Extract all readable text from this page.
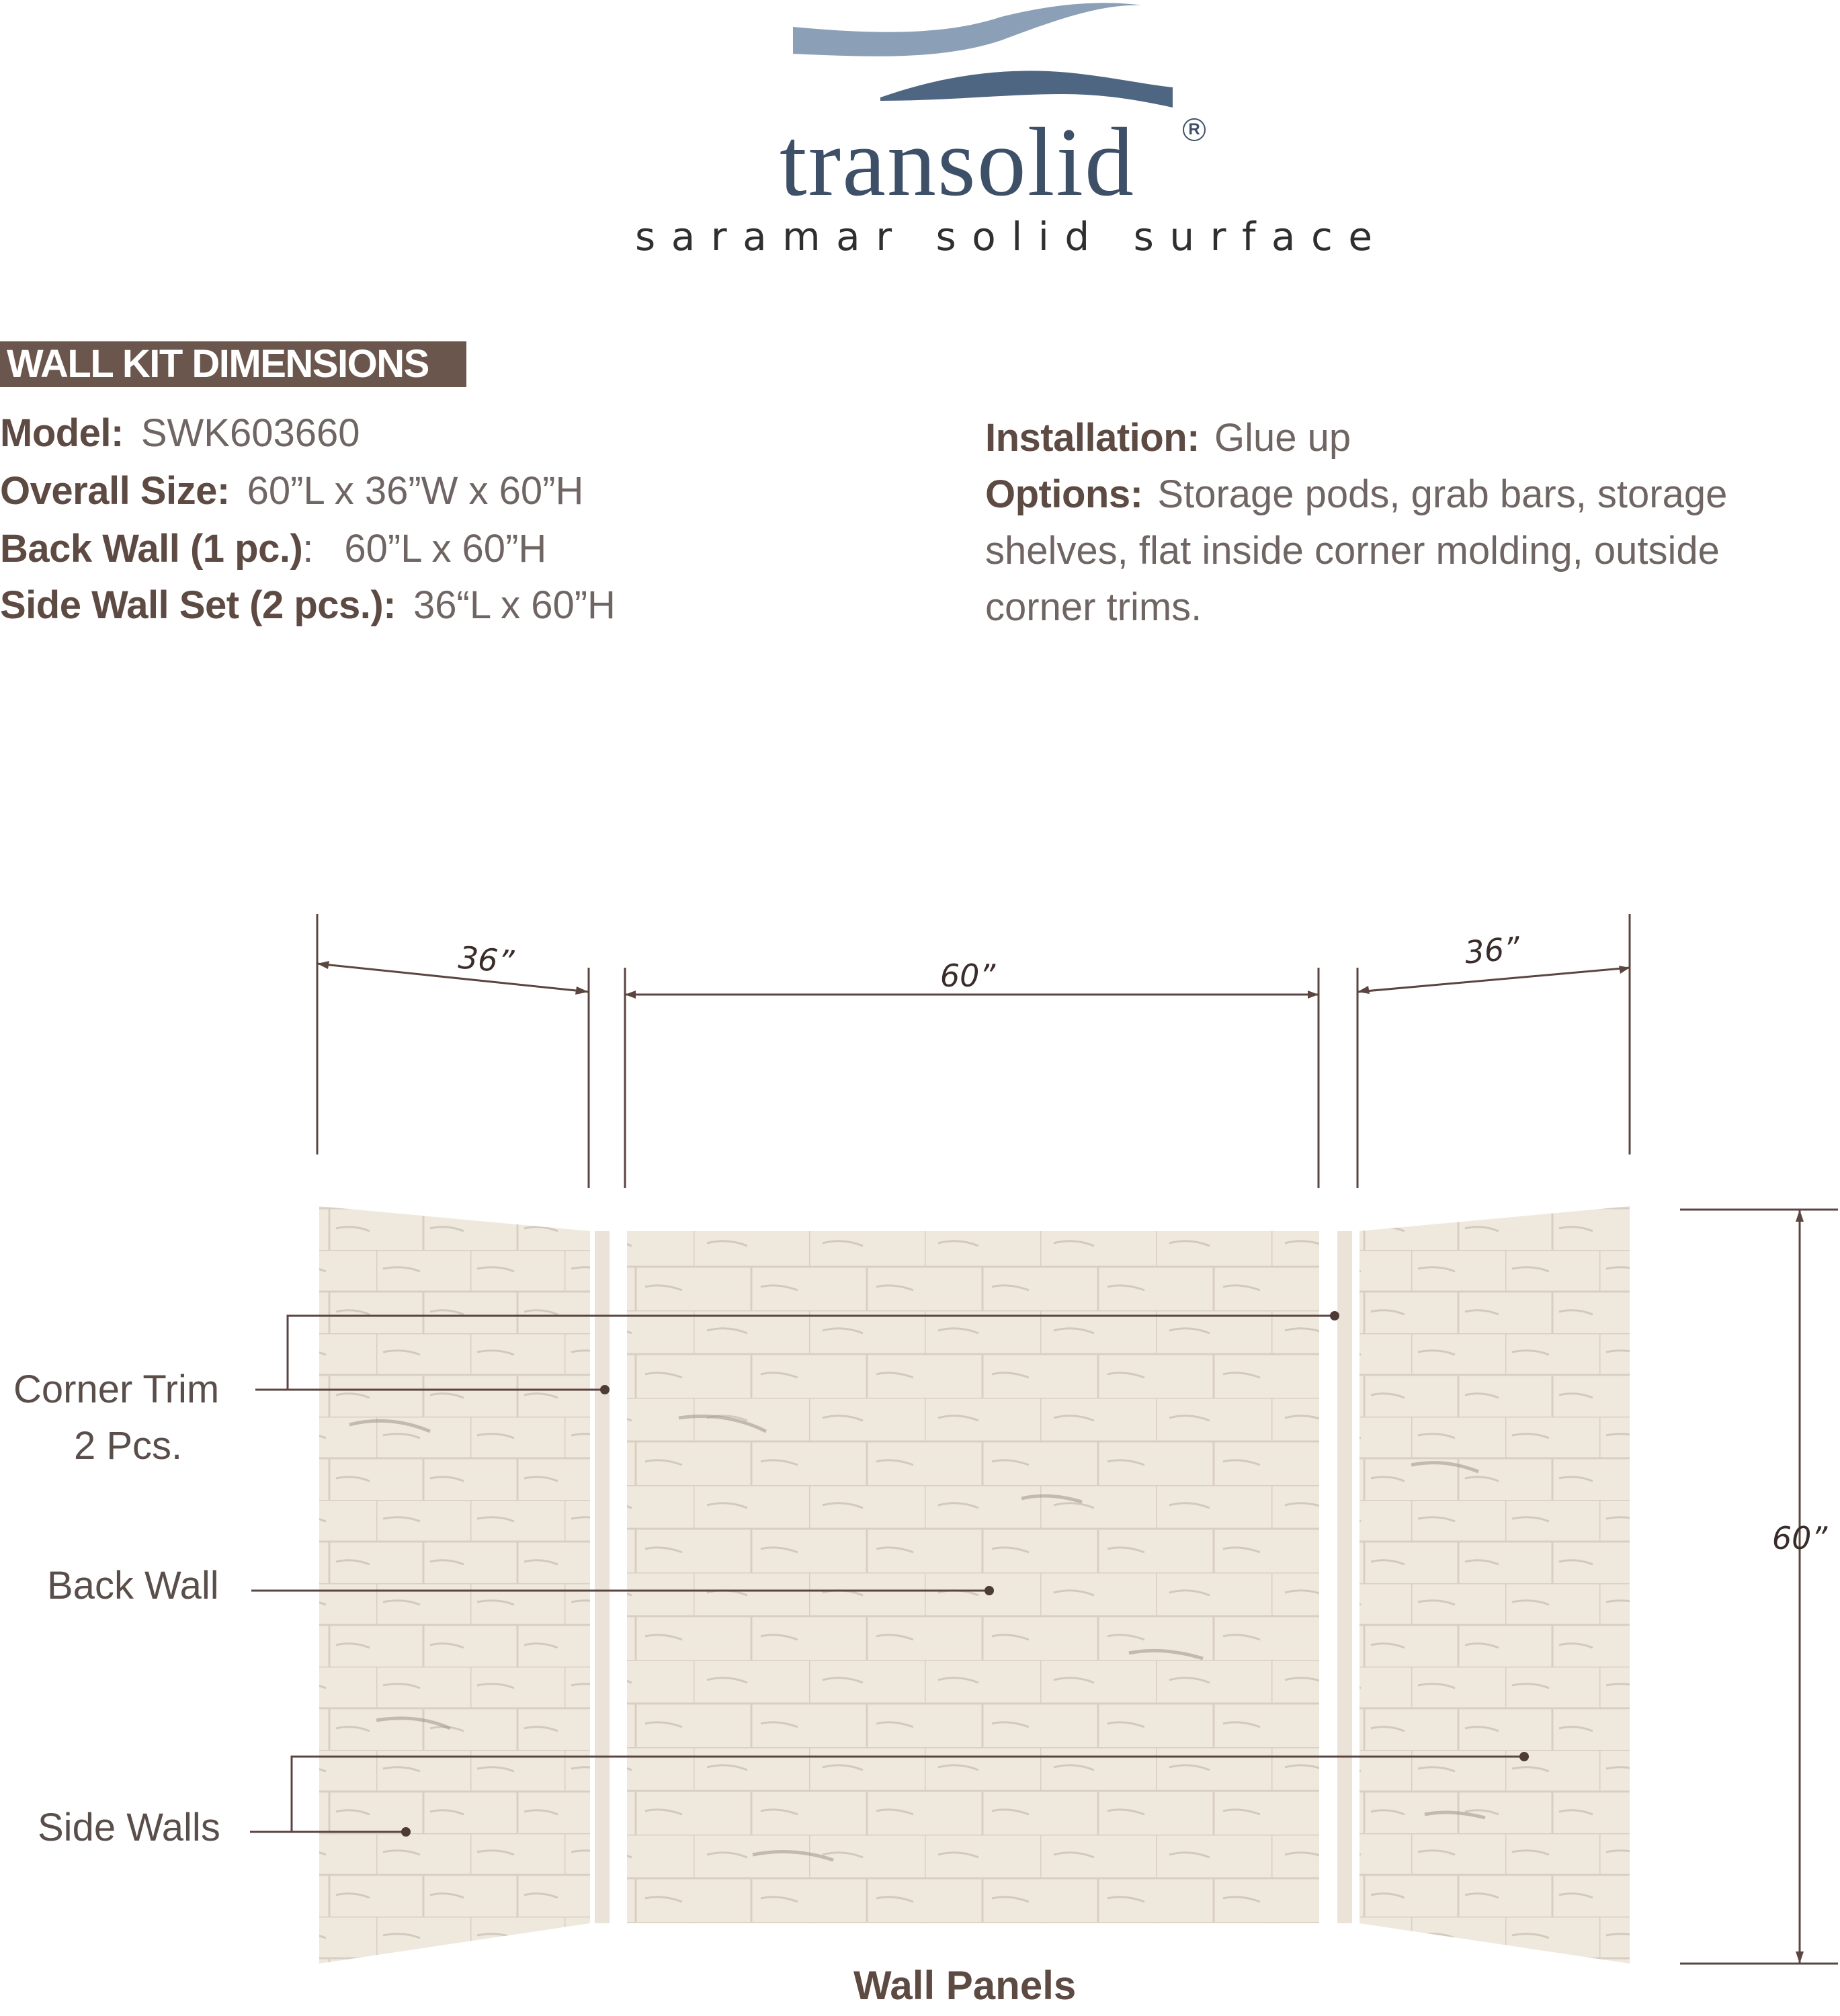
transolid	R
saramar solid surface
WALL KIT DIMENSIONS
Model: SWK603660
Overall Size: 60”L x 36”W x 60”H
Back Wall (1 pc.): 60”L x 60”H
Side Wall Set (2 pcs.): 36“L x 60”H
Installation: Glue up
Options: Storage pods, grab bars, storage shelves, flat inside corner molding, outside corner trims.
36”	60”
36”
60”
Corner Trim
2 Pcs.
Back Wall
Side Walls
Wall Panels
